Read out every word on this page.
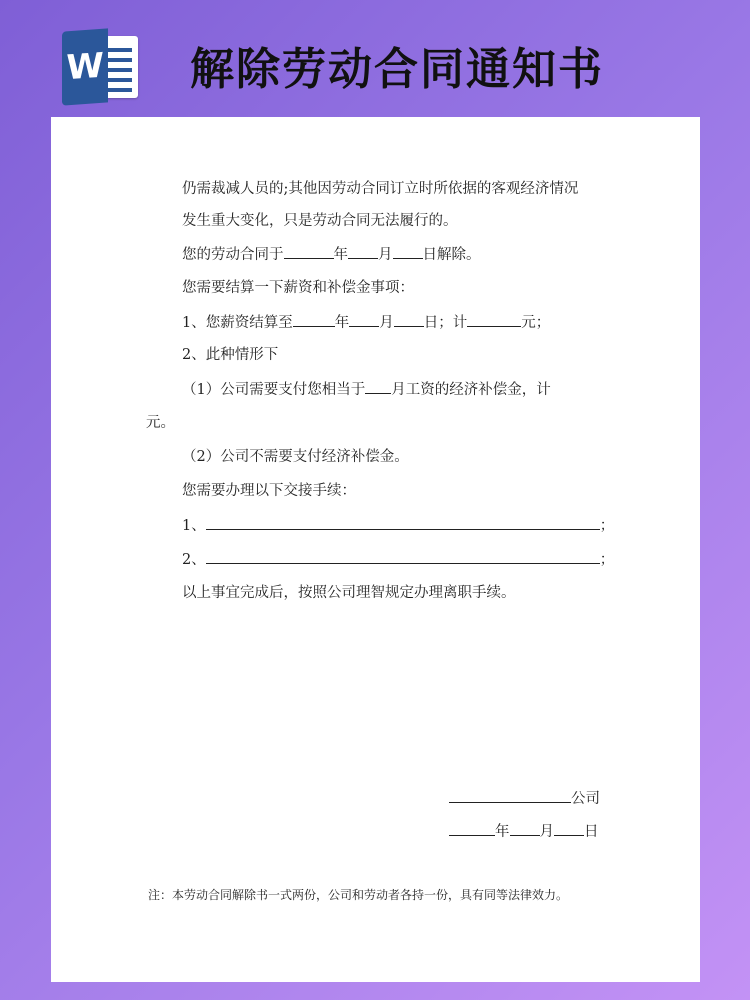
W 解除劳动合同通知书

仍需裁减人员的;其他因劳动合同订立时所依据的客观经济情况

发生重大变化，只是劳动合同无法履行的。

您的劳动合同于	年 月 日解除。

您需要结算一下薪资和补偿金事项：

1、您薪资结算至	年 月 日；计	元；

2、此种情形下

（1）公司需要支付您相当于 月工资的经济补偿金，计

元。

（2）公司不需要支付经济补偿金。

您需要办理以下交接手续：

1、	；

2、	；

以上事宜完成后，按照公司理智规定办理离职手续。

公司
年 月 日
注：本劳动合同解除书一式两份，公司和劳动者各持一份，具有同等法律效力。
公众号 · 模板阿伟
